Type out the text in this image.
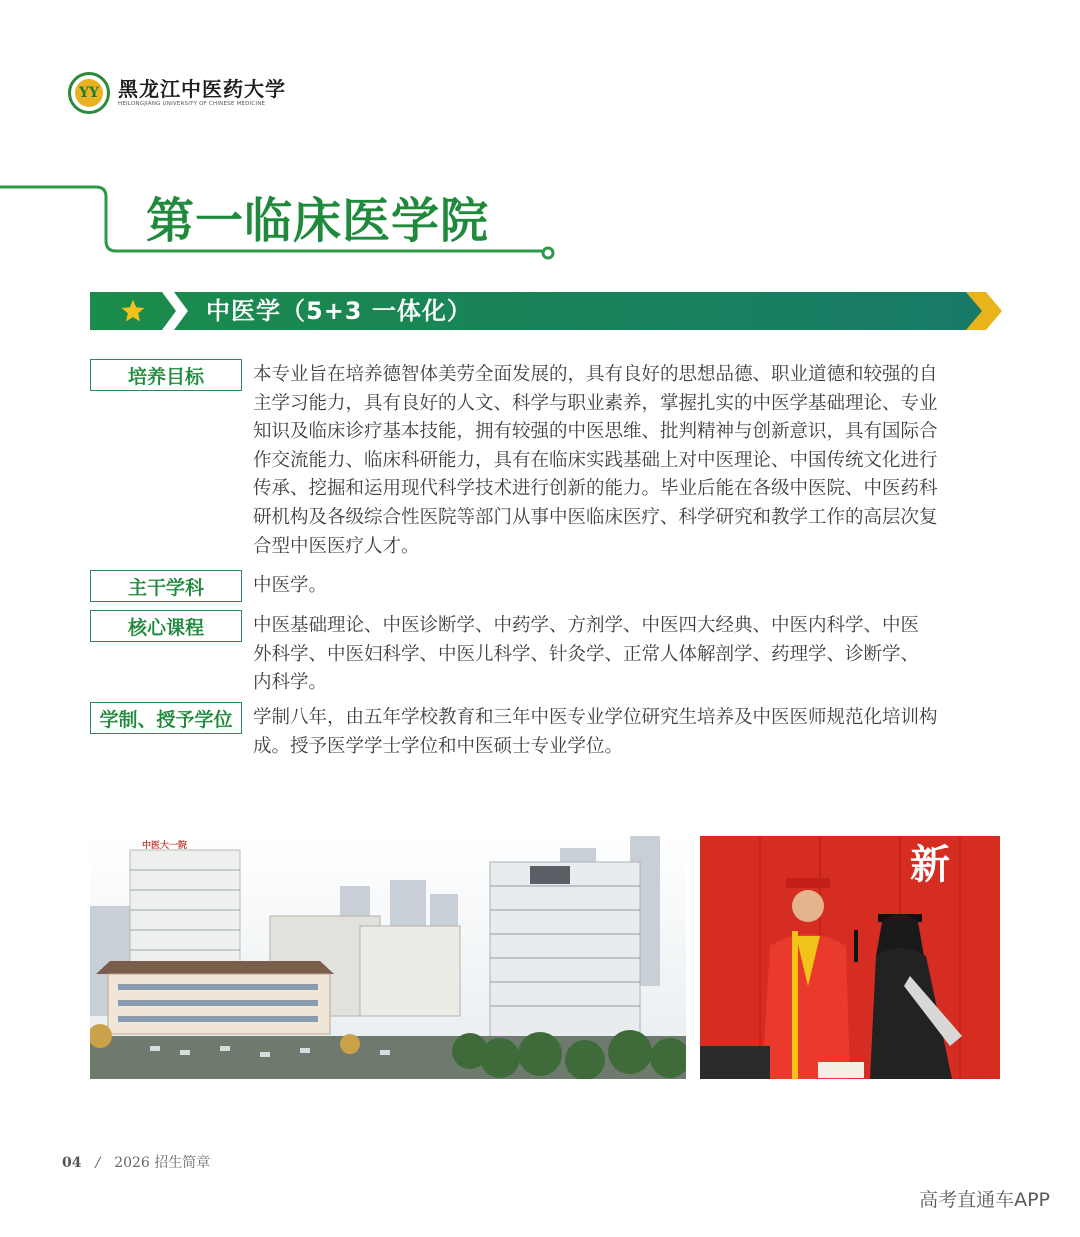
YY 黑龙江中医药大学
HEILONGJIANG UNIVERSITY OF CHINESE MEDICINE
第一临床医学院
中医学（5+3 一体化）
培养目标	本专业旨在培养德智体美劳全面发展的，具有良好的思想品德、职业道德和较强的自
主学习能力，具有良好的人文、科学与职业素养，掌握扎实的中医学基础理论、专业
知识及临床诊疗基本技能，拥有较强的中医思维、批判精神与创新意识，具有国际合
作交流能力、临床科研能力，具有在临床实践基础上对中医理论、中国传统文化进行
传承、挖掘和运用现代科学技术进行创新的能力。毕业后能在各级中医院、中医药科
研机构及各级综合性医院等部门从事中医临床医疗、科学研究和教学工作的高层次复
合型中医医疗人才。
主干学科	中医学。
核心课程	中医基础理论、中医诊断学、中药学、方剂学、中医四大经典、中医内科学、中医
外科学、中医妇科学、中医儿科学、针灸学、正常人体解剖学、药理学、诊断学、
内科学。
学制、授予学位	学制八年，由五年学校教育和三年中医专业学位研究生培养及中医医师规范化培训构
成。授予医学学士学位和中医硕士专业学位。
中医大一院	新
04 / 2026 招生简章
高考直通车APP
